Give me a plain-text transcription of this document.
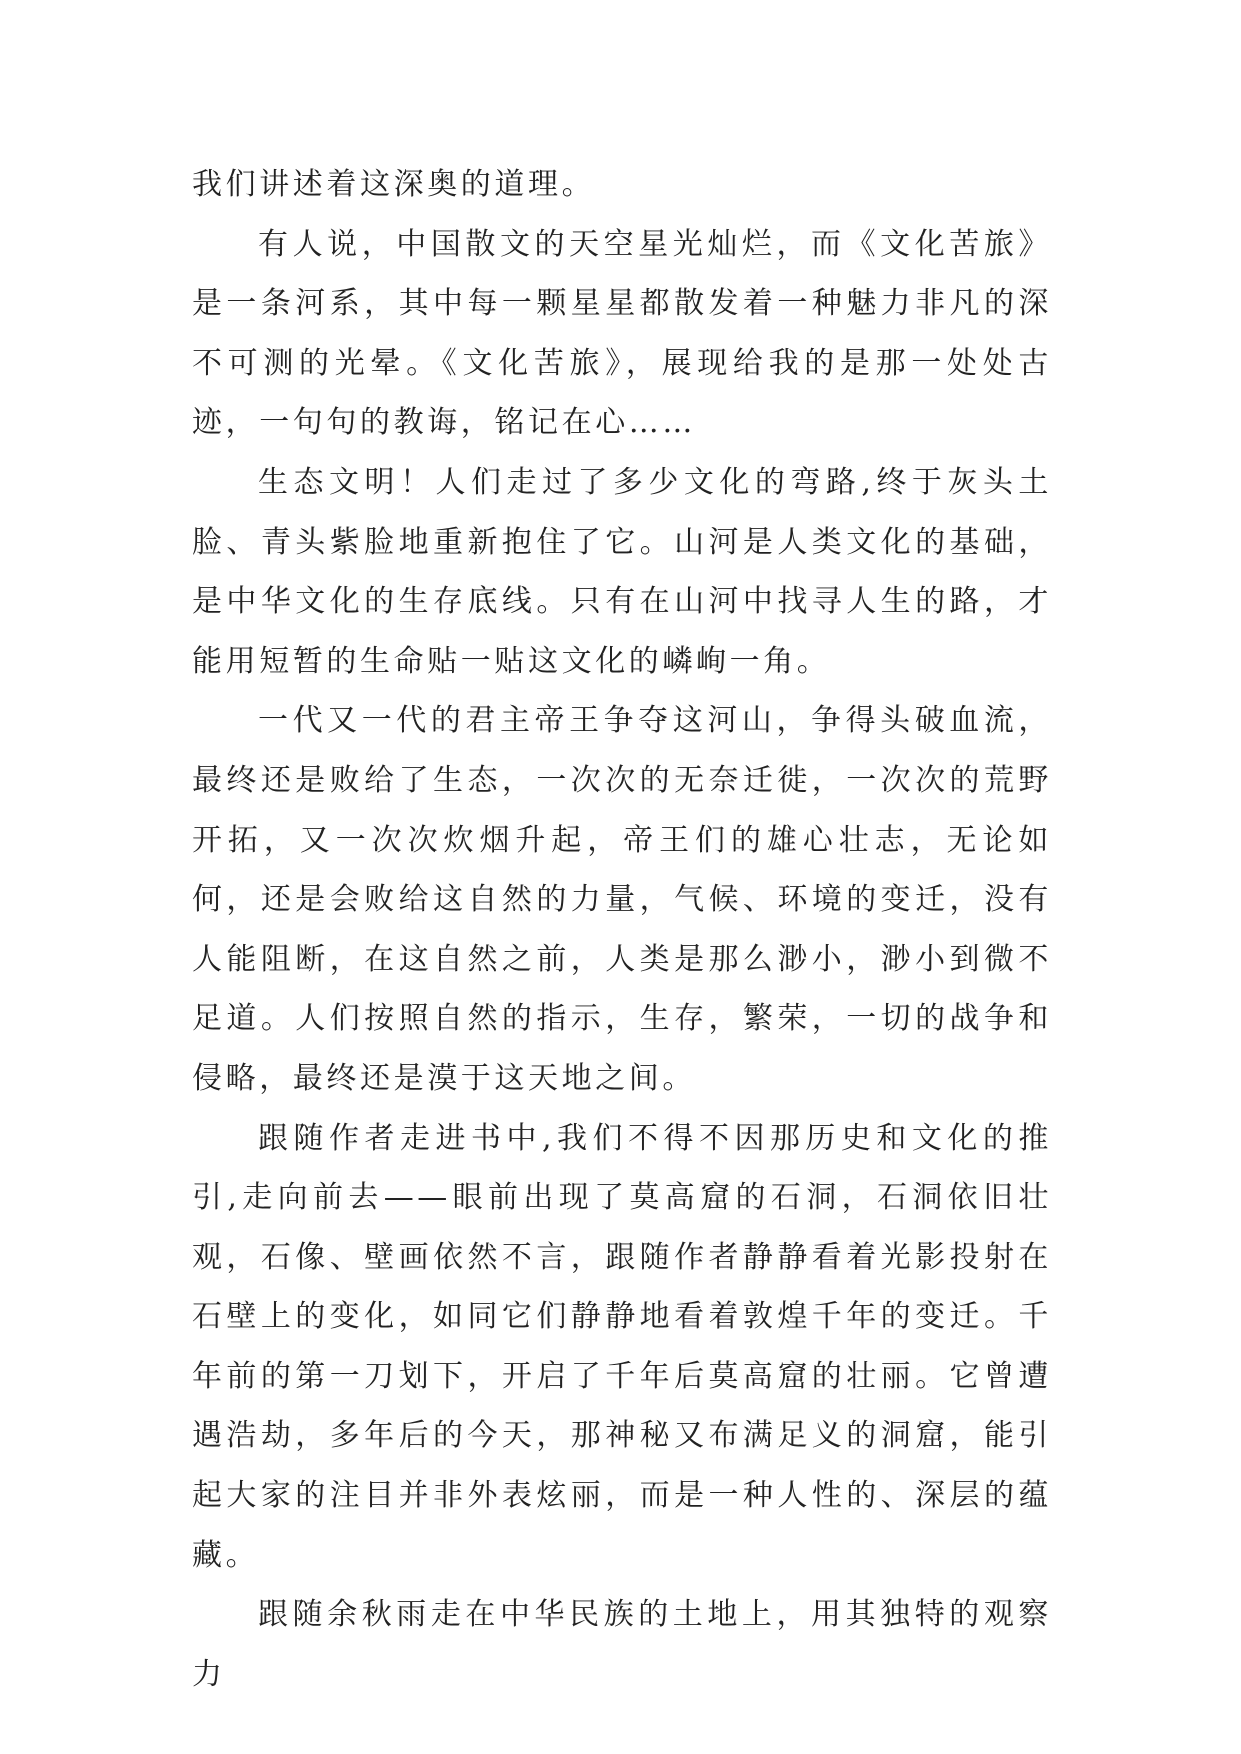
我们讲述着这深奥的道理。

有人说，中国散文的天空星光灿烂，而《文化苦旅》是一条河系，其中每一颗星星都散发着一种魅力非凡的深不可测的光晕。《文化苦旅》，展现给我的是那一处处古迹，一句句的教诲，铭记在心……

生态文明！人们走过了多少文化的弯路,终于灰头土脸、青头紫脸地重新抱住了它。山河是人类文化的基础，是中华文化的生存底线。只有在山河中找寻人生的路，才能用短暂的生命贴一贴这文化的嶙峋一角。

一代又一代的君主帝王争夺这河山，争得头破血流，最终还是败给了生态，一次次的无奈迁徙，一次次的荒野开拓，又一次次炊烟升起，帝王们的雄心壮志，无论如何，还是会败给这自然的力量，气候、环境的变迁，没有人能阻断，在这自然之前，人类是那么渺小，渺小到微不足道。人们按照自然的指示，生存，繁荣，一切的战争和侵略，最终还是漠于这天地之间。

跟随作者走进书中,我们不得不因那历史和文化的推引,走向前去——眼前出现了莫高窟的石洞，石洞依旧壮观，石像、壁画依然不言，跟随作者静静看着光影投射在石壁上的变化，如同它们静静地看着敦煌千年的变迁。千年前的第一刀划下，开启了千年后莫高窟的壮丽。它曾遭遇浩劫，多年后的今天，那神秘又布满足义的洞窟，能引起大家的注目并非外表炫丽，而是一种人性的、深层的蕴藏。

跟随余秋雨走在中华民族的土地上，用其独特的观察力
